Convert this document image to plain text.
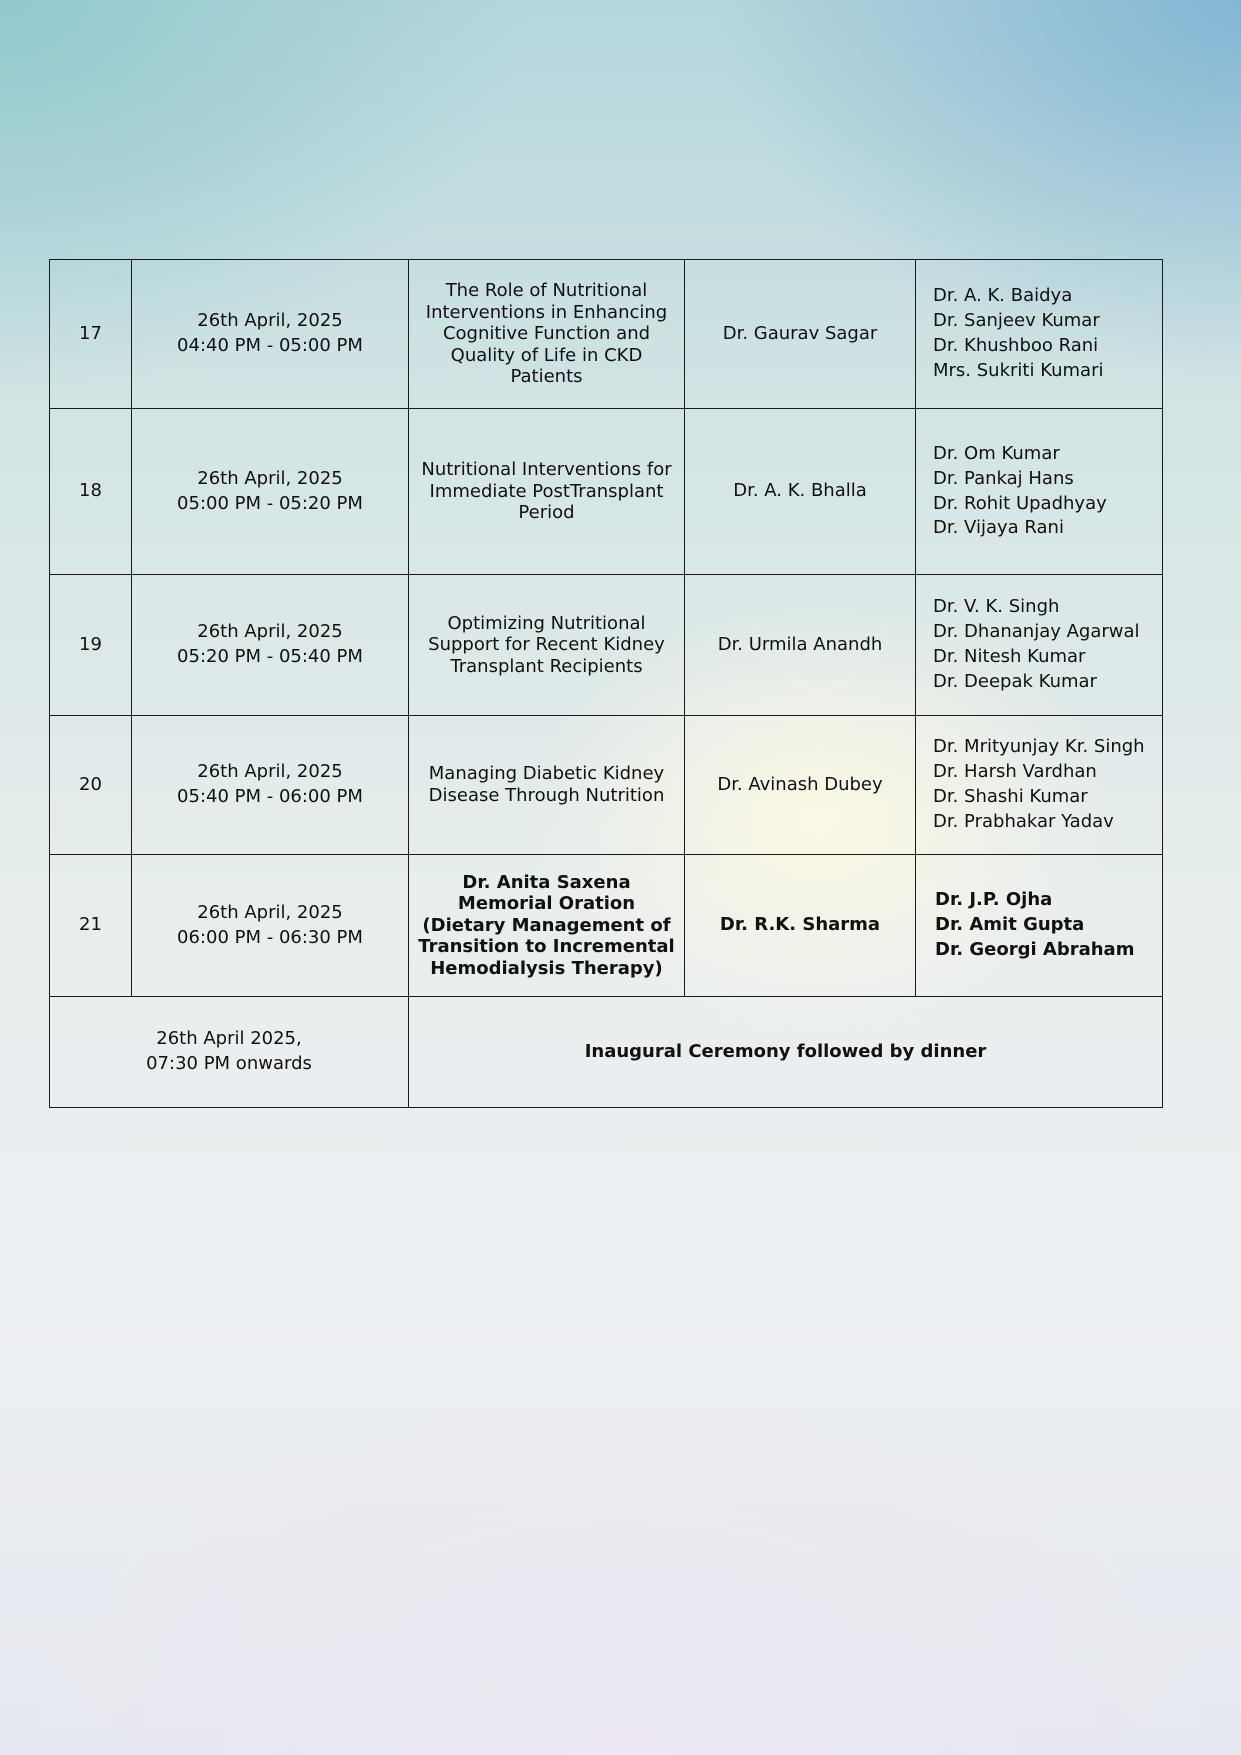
17	26th April, 2025
04:40 PM - 05:00 PM	The Role of Nutritional Interventions in Enhancing Cognitive Function and Quality of Life in CKD Patients	Dr. Gaurav Sagar	Dr. A. K. Baidya
Dr. Sanjeev Kumar
Dr. Khushboo Rani
Mrs. Sukriti Kumari

18	26th April, 2025
05:00 PM - 05:20 PM	Nutritional Interventions for Immediate PostTransplant Period	Dr. A. K. Bhalla	Dr. Om Kumar
Dr. Pankaj Hans
Dr. Rohit Upadhyay
Dr. Vijaya Rani

19	26th April, 2025
05:20 PM - 05:40 PM	Optimizing Nutritional Support for Recent Kidney Transplant Recipients	Dr. Urmila Anandh	Dr. V. K. Singh
Dr. Dhananjay Agarwal
Dr. Nitesh Kumar
Dr. Deepak Kumar

20	26th April, 2025
05:40 PM - 06:00 PM	Managing Diabetic Kidney Disease Through Nutrition	Dr. Avinash Dubey	Dr. Mrityunjay Kr. Singh
Dr. Harsh Vardhan
Dr. Shashi Kumar
Dr. Prabhakar Yadav

21	26th April, 2025
06:00 PM - 06:30 PM	Dr. Anita Saxena Memorial Oration (Dietary Management of Transition to Incremental Hemodialysis Therapy)	Dr. R.K. Sharma	Dr. J.P. Ojha
Dr. Amit Gupta
Dr. Georgi Abraham

26th April 2025,
07:30 PM onwards		Inaugural Ceremony followed by dinner		
